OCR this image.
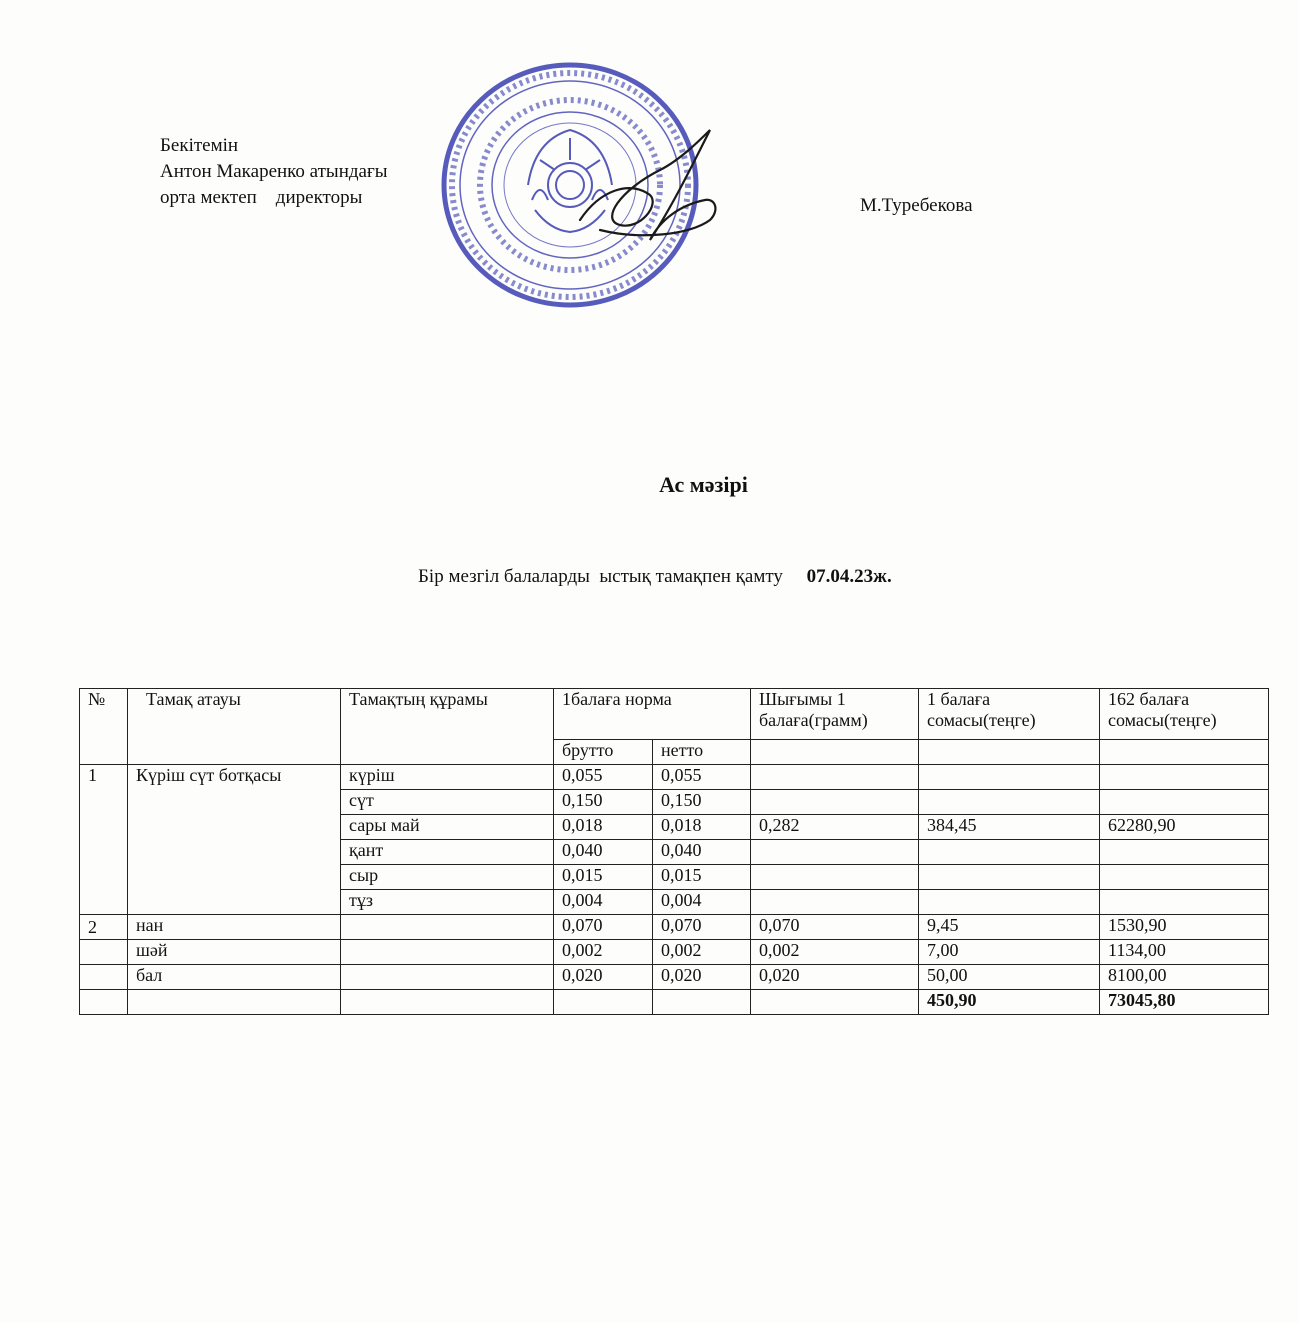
Бекітемін
Антон Макаренко атындағы
орта мектеп    директоры	М.Туребекова
Ас мәзірі
Бір мезгіл балаларды  ыстық тамақпен қамту 07.04.23ж.
№	Тамақ атауы	Тамақтың құрамы	1балаға норма		Шығымы 1 балаға(грамм)	1 балаға сомасы(теңге)	162 балаға сомасы(теңге)
			брутто	нетто			
1	Күріш сүт ботқасы	күріш	0,055	0,055			
		сүт	0,150	0,150			
		сары май	0,018	0,018	0,282	384,45	62280,90
		қант	0,040	0,040			
		сыр	0,015	0,015			
		тұз	0,004	0,004			
2	нан		0,070	0,070	0,070	9,45	1530,90
	шәй		0,002	0,002	0,002	7,00	1134,00
	бал		0,020	0,020	0,020	50,00	8100,00
						450,90	73045,80
